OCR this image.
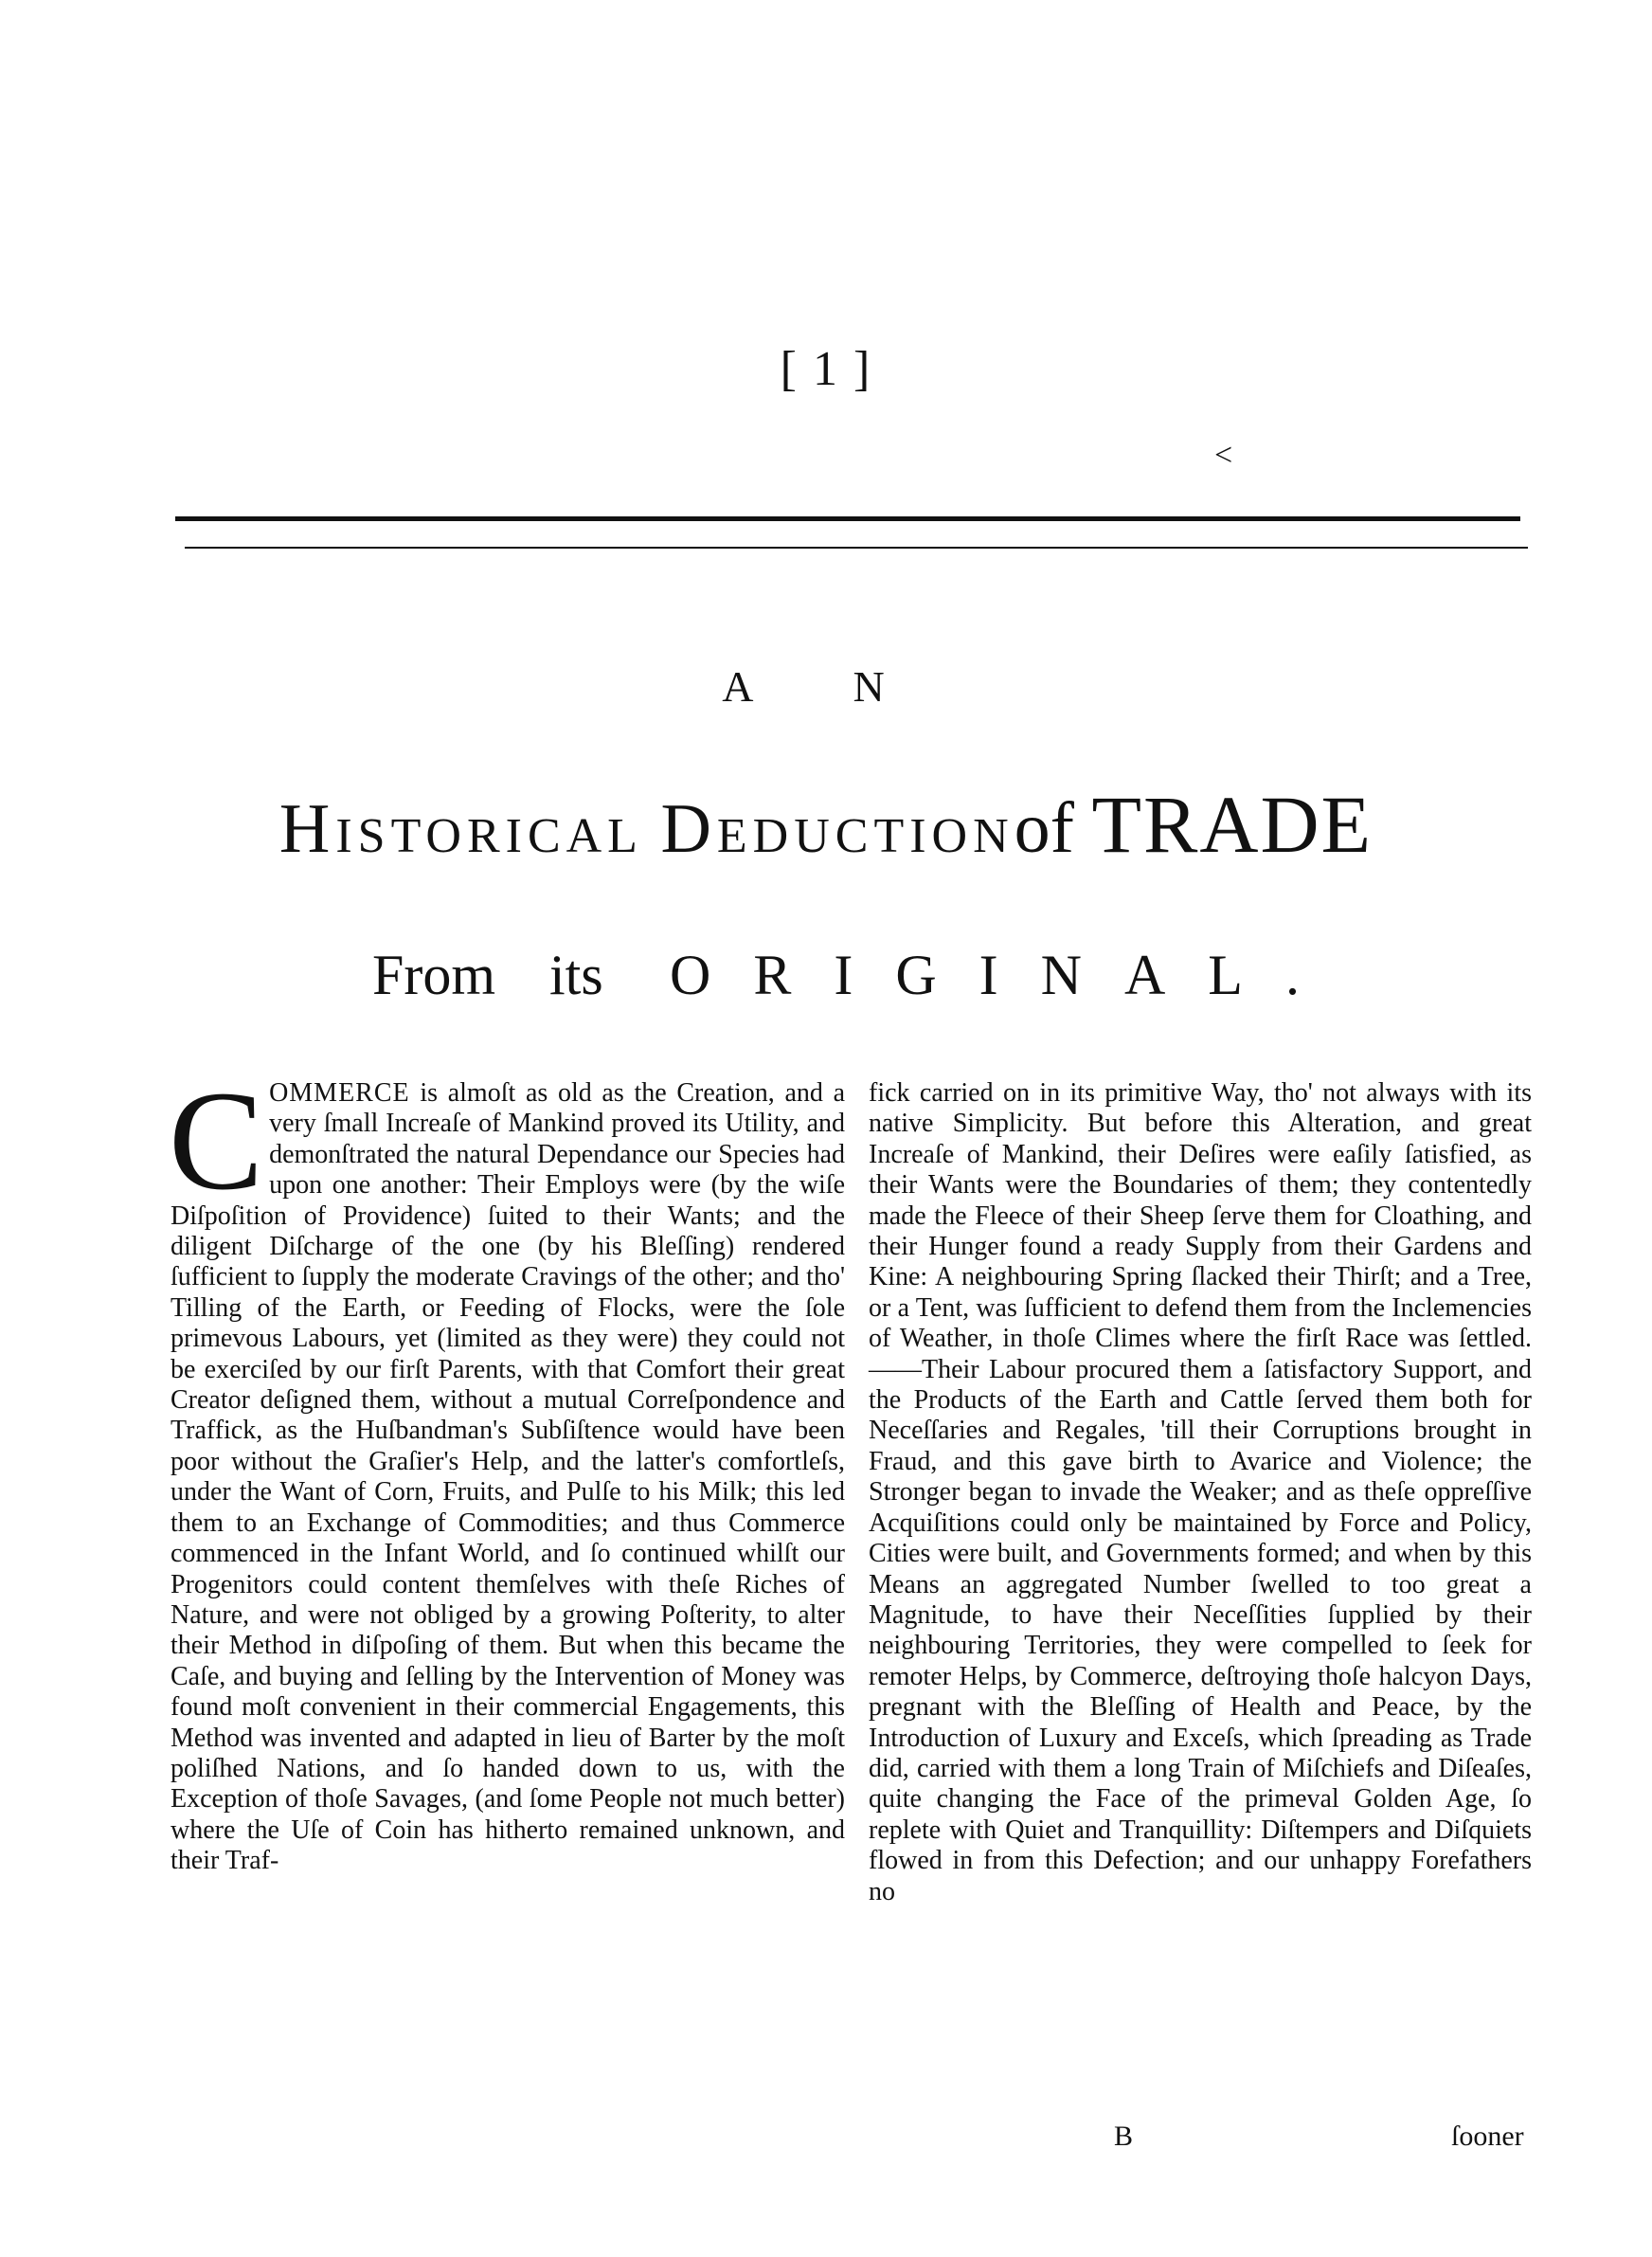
[ 1 ]
<
A N
Historical Deductionof TRADE
From its ORIGINAL.
COMMERCE is almoſt as old as the Creation, and a very ſmall Increaſe of Mankind proved its Utility, and demonſtrated the natural Dependance our Species had upon one another: Their Employs were (by the wiſe Diſpoſition of Providence) ſuited to their Wants; and the diligent Diſcharge of the one (by his Bleſſing) rendered ſufficient to ſupply the moderate Cravings of the other; and tho' Tilling of the Earth, or Feeding of Flocks, were the ſole primevous Labours, yet (limited as they were) they could not be exerciſed by our firſt Parents, with that Comfort their great Creator deſigned them, without a mutual Correſpondence and Traffick, as the Huſbandman's Subſiſtence would have been poor without the Graſier's Help, and the latter's comfortleſs, under the Want of Corn, Fruits, and Pulſe to his Milk; this led them to an Exchange of Commodities; and thus Commerce commenced in the Infant World, and ſo continued whilſt our Progenitors could content themſelves with theſe Riches of Nature, and were not obliged by a growing Poſterity, to alter their Method in diſpoſing of them. But when this became the Caſe, and buying and ſelling by the Intervention of Money was found moſt convenient in their commercial Engagements, this Method was invented and adapted in lieu of Barter by the moſt poliſhed Nations, and ſo handed down to us, with the Exception of thoſe Savages, (and ſome People not much better) where the Uſe of Coin has hitherto remained unknown, and their Traf-
fick carried on in its primitive Way, tho' not always with its native Simplicity. But before this Alteration, and great Increaſe of Mankind, their Deſires were eaſily ſatisfied, as their Wants were the Boundaries of them; they contentedly made the Fleece of their Sheep ſerve them for Cloathing, and their Hunger found a ready Supply from their Gardens and Kine: A neighbouring Spring ſlacked their Thirſt; and a Tree, or a Tent, was ſufficient to defend them from the Inclemencies of Weather, in thoſe Climes where the firſt Race was ſettled.——Their Labour procured them a ſatisfactory Support, and the Products of the Earth and Cattle ſerved them both for Neceſſaries and Regales, 'till their Corruptions brought in Fraud, and this gave birth to Avarice and Violence; the Stronger began to invade the Weaker; and as theſe oppreſſive Acquiſitions could only be maintained by Force and Policy, Cities were built, and Governments formed; and when by this Means an aggregated Number ſwelled to too great a Magnitude, to have their Neceſſities ſupplied by their neighbouring Territories, they were compelled to ſeek for remoter Helps, by Commerce, deſtroying thoſe halcyon Days, pregnant with the Bleſſing of Health and Peace, by the Introduction of Luxury and Exceſs, which ſpreading as Trade did, carried with them a long Train of Miſchiefs and Diſeaſes, quite changing the Face of the primeval Golden Age, ſo replete with Quiet and Tranquillity: Diſtempers and Diſquiets flowed in from this Defection; and our unhappy Forefathers no
B	ſooner
